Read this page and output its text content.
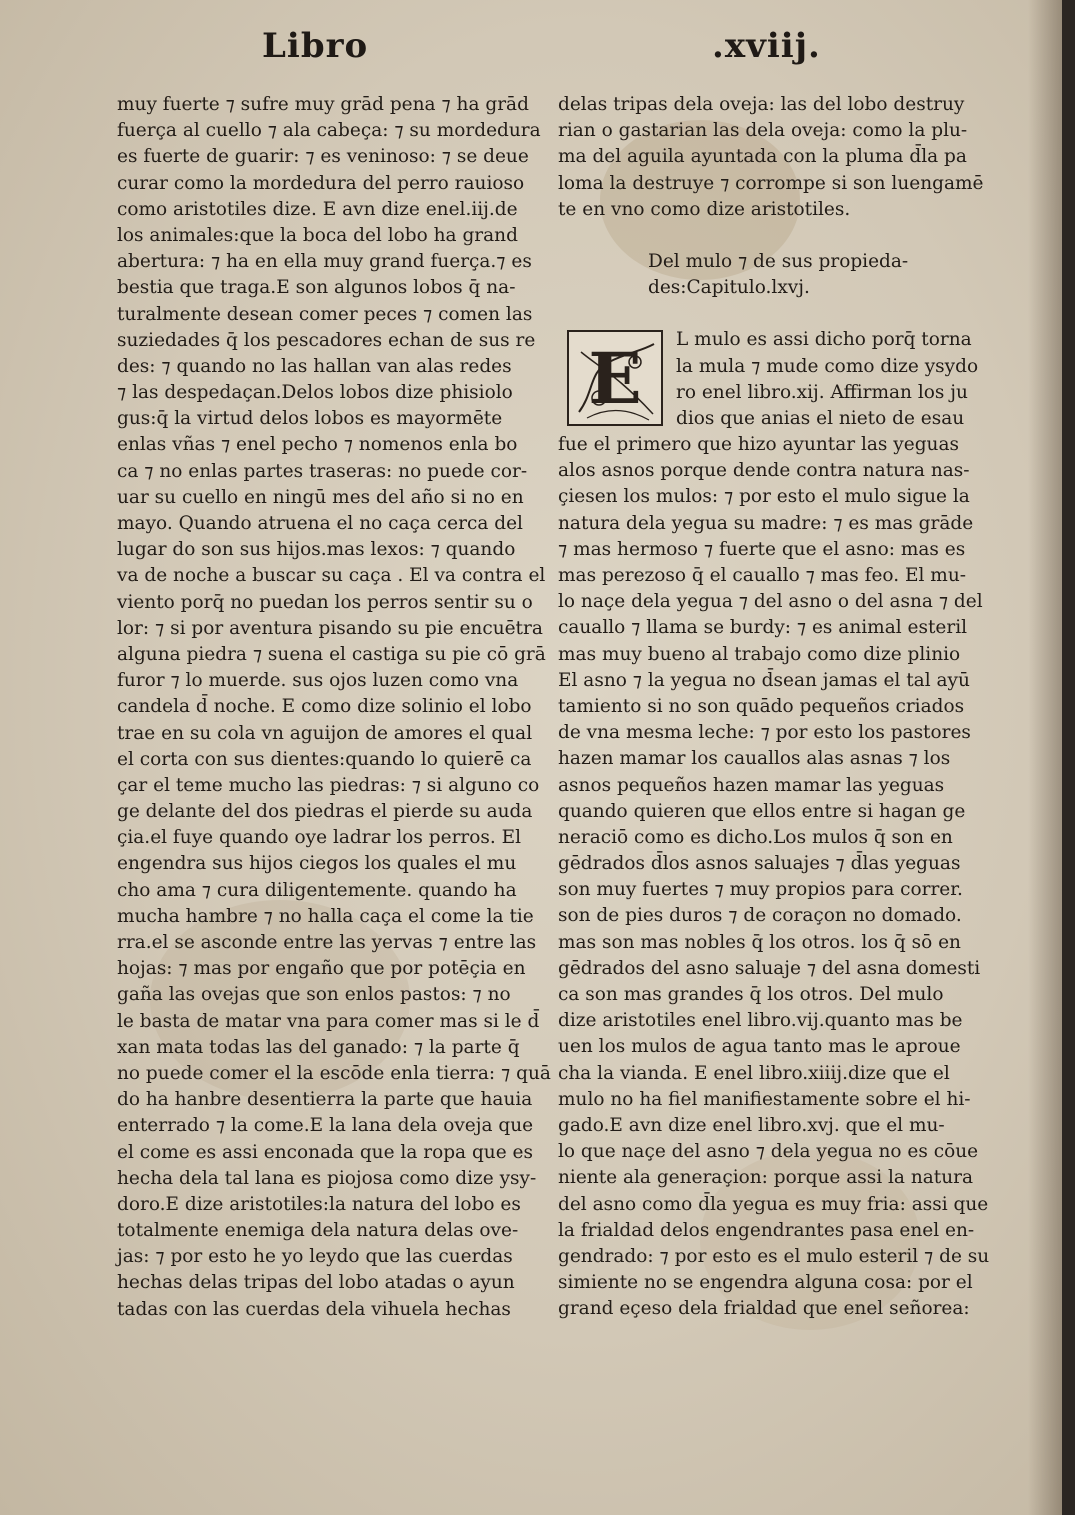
Libro	.xviij.
muy fuerte ⁊ sufre muy grād pena ⁊ ha grād
fuerça al cuello ⁊ ala cabeça: ⁊ su mordedura
es fuerte de guarir: ⁊ es veninoso: ⁊ se deue
curar como la mordedura del perro rauioso
como aristotiles dize. E avn dize enel.iij.de
los animales:que la boca del lobo ha grand
abertura: ⁊ ha en ella muy grand fuerça.⁊ es
bestia que traga.E son algunos lobos q̄ na-
turalmente desean comer peces ⁊ comen las
suziedades q̄ los pescadores echan de sus re
des: ⁊ quando no las hallan van alas redes
⁊ las despedaçan.Delos lobos dize phisiolo
gus:q̄ la virtud delos lobos es mayormēte
enlas vñas ⁊ enel pecho ⁊ nomenos enla bo
ca ⁊ no enlas partes traseras: no puede cor-
uar su cuello en ningū mes del año si no en
mayo. Quando atruena el no caça cerca del
lugar do son sus hijos.mas lexos: ⁊ quando
va de noche a buscar su caça . El va contra el
viento porq̄ no puedan los perros sentir su o
lor: ⁊ si por aventura pisando su pie encuētra
alguna piedra ⁊ suena el castiga su pie cō grā
furor ⁊ lo muerde. sus ojos luzen como vna
candela d̄ noche. E como dize solinio el lobo
trae en su cola vn aguijon de amores el qual
el corta con sus dientes:quando lo quierē ca
çar el teme mucho las piedras: ⁊ si alguno co
ge delante del dos piedras el pierde su auda
çia.el fuye quando oye ladrar los perros. El
engendra sus hijos ciegos los quales el mu
cho ama ⁊ cura diligentemente. quando ha
mucha hambre ⁊ no halla caça el come la tie
rra.el se asconde entre las yervas ⁊ entre las
hojas: ⁊ mas por engaño que por potēçia en
gaña las ovejas que son enlos pastos: ⁊ no
le basta de matar vna para comer mas si le d̄
xan mata todas las del ganado: ⁊ la parte q̄
no puede comer el la escōde enla tierra: ⁊ quā
do ha hanbre desentierra la parte que hauia
enterrado ⁊ la come.E la lana dela oveja que
el come es assi enconada que la ropa que es
hecha dela tal lana es piojosa como dize ysy-
doro.E dize aristotiles:la natura del lobo es
totalmente enemiga dela natura delas ove-
jas: ⁊ por esto he yo leydo que las cuerdas
hechas delas tripas del lobo atadas o ayun
tadas con las cuerdas dela vihuela hechas
delas tripas dela oveja: las del lobo destruy
rian o gastarian las dela oveja: como la plu-
ma del aguila ayuntada con la pluma d̄la pa
loma la destruye ⁊ corrompe si son luengamē
te en vno como dize aristotiles.
Del mulo ⁊ de sus propieda-
des:Capitulo.lxvj.
L mulo es assi dicho porq̄ torna
la mula ⁊ mude como dize ysydo
ro enel libro.xij. Affirman los ju
dios que anias el nieto de esau
fue el primero que hizo ayuntar las yeguas
alos asnos porque dende contra natura nas-
çiesen los mulos: ⁊ por esto el mulo sigue la
natura dela yegua su madre: ⁊ es mas grāde
⁊ mas hermoso ⁊ fuerte que el asno: mas es
mas perezoso q̄ el cauallo ⁊ mas feo. El mu-
lo naçe dela yegua ⁊ del asno o del asna ⁊ del
cauallo ⁊ llama se burdy: ⁊ es animal esteril
mas muy bueno al trabajo como dize plinio
El asno ⁊ la yegua no d̄sean jamas el tal ayū
tamiento si no son quādo pequeños criados
de vna mesma leche: ⁊ por esto los pastores
hazen mamar los cauallos alas asnas ⁊ los
asnos pequeños hazen mamar las yeguas
quando quieren que ellos entre si hagan ge
neraciō como es dicho.Los mulos q̄ son en
gēdrados d̄los asnos saluajes ⁊ d̄las yeguas
son muy fuertes ⁊ muy propios para correr.
son de pies duros ⁊ de coraçon no domado.
mas son mas nobles q̄ los otros. los q̄ sō en
gēdrados del asno saluaje ⁊ del asna domesti
ca son mas grandes q̄ los otros. Del mulo
dize aristotiles enel libro.vij.quanto mas be
uen los mulos de agua tanto mas le aproue
cha la vianda. E enel libro.xiiij.dize que el
mulo no ha fiel manifiestamente sobre el hi-
gado.E avn dize enel libro.xvj. que el mu-
lo que naçe del asno ⁊ dela yegua no es cōue
niente ala generaçion: porque assi la natura
del asno como d̄la yegua es muy fria: assi que
la frialdad delos engendrantes pasa enel en-
gendrado: ⁊ por esto es el mulo esteril ⁊ de su
simiente no se engendra alguna cosa: por el
grand eçeso dela frialdad que enel señorea:
E
